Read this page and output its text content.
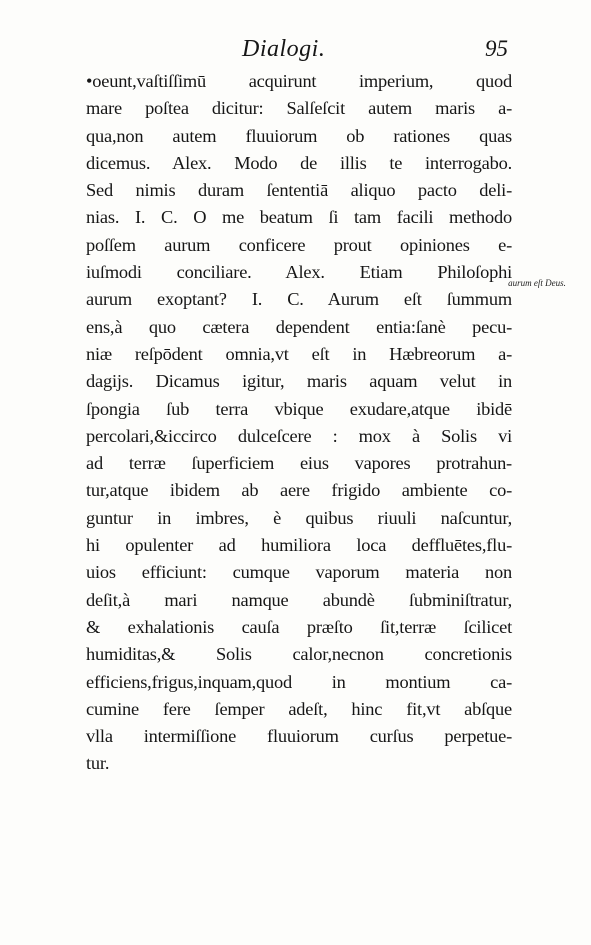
Dialogi.	95
•oeunt,vaſtiſſimū acquirunt imperium, quod
mare poſtea dicitur: Salſeſcit autem maris a-
qua,non autem fluuiorum ob rationes quas
dicemus. Alex. Modo de illis te interrogabo.
Sed nimis duram ſententiā aliquo pacto deli-
nias. I. C. O me beatum ſi tam facili methodo
poſſem aurum conficere prout opiniones e-
iuſmodi conciliare. Alex. Etiam Philoſophi
aurum exoptant? I. C. Aurum eſt ſummum
ens,à quo cætera dependent entia:ſanè pecu-
niæ reſpōdent omnia,vt eſt in Hæbreorum a-
dagijs. Dicamus igitur, maris aquam velut in
ſpongia ſub terra vbique exudare,atque ibidē
percolari,&iccirco dulceſcere : mox à Solis vi
ad terræ ſuperficiem eius vapores protrahun-
tur,atque ibidem ab aere frigido ambiente co-
guntur in imbres, è quibus riuuli naſcuntur,
hi opulenter ad humiliora loca deffluētes,flu-
uios efficiunt: cumque vaporum materia non
deſit,à mari namque abundè ſubminiſtratur,
& exhalationis cauſa præſto ſit,terræ ſcilicet
humiditas,& Solis calor,necnon concretionis
efficiens,frigus,inquam,quod in montium ca-
cumine fere ſemper adeſt, hinc fit,vt abſque
vlla intermiſſione fluuiorum curſus perpetue-
tur.
aurum eſt Deus.
